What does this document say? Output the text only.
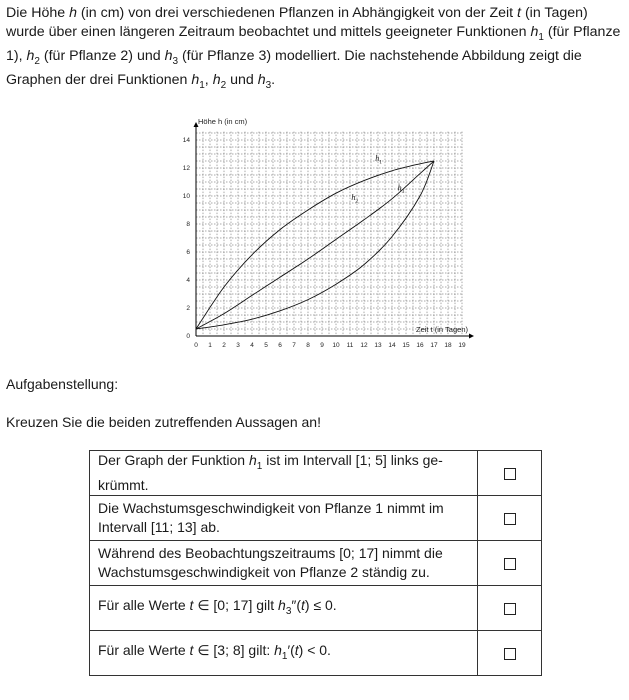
Die Höhe h (in cm) von drei verschiedenen Pflanzen in Abhängigkeit von der Zeit t (in Tagen) wurde über einen längeren Zeitraum beobachtet und mittels geeigneter Funktionen $h_1$ (für Pflanze 1), $h_2$ (für Pflanze 2) und $h_3$ (für Pflanze 3) modelliert. Die nachstehende Abbildung zeigt die Graphen der drei Funktionen $h_1$, $h_2$ und $h_3$.
0 1 2 3 4 5 6 7 8 9 10 11 12 13 14 15 16 17 18 19
0
2
4
6
8
10
12
14
Höhe h (in cm)
Zeit t (in Tagen)
h 1
h 2
h 3
Aufgabenstellung:
Kreuzen Sie die beiden zutreffenden Aussagen an!
Der Graph der Funktion $h_1$ ist im Intervall [1; 5] links gekrümmt.	
Die Wachstumsgeschwindigkeit von Pflanze 1 nimmt im Intervall [11; 13] ab.	
Während des Beobachtungszeitraums [0; 17] nimmt die Wachstumsgeschwindigkeit von Pflanze 2 ständig zu.	
Für alle Werte t ∈ [0; 17] gilt $h_3''(t) \le 0$.	
Für alle Werte t ∈ [3; 8] gilt: $h_1'(t) < 0$.	
